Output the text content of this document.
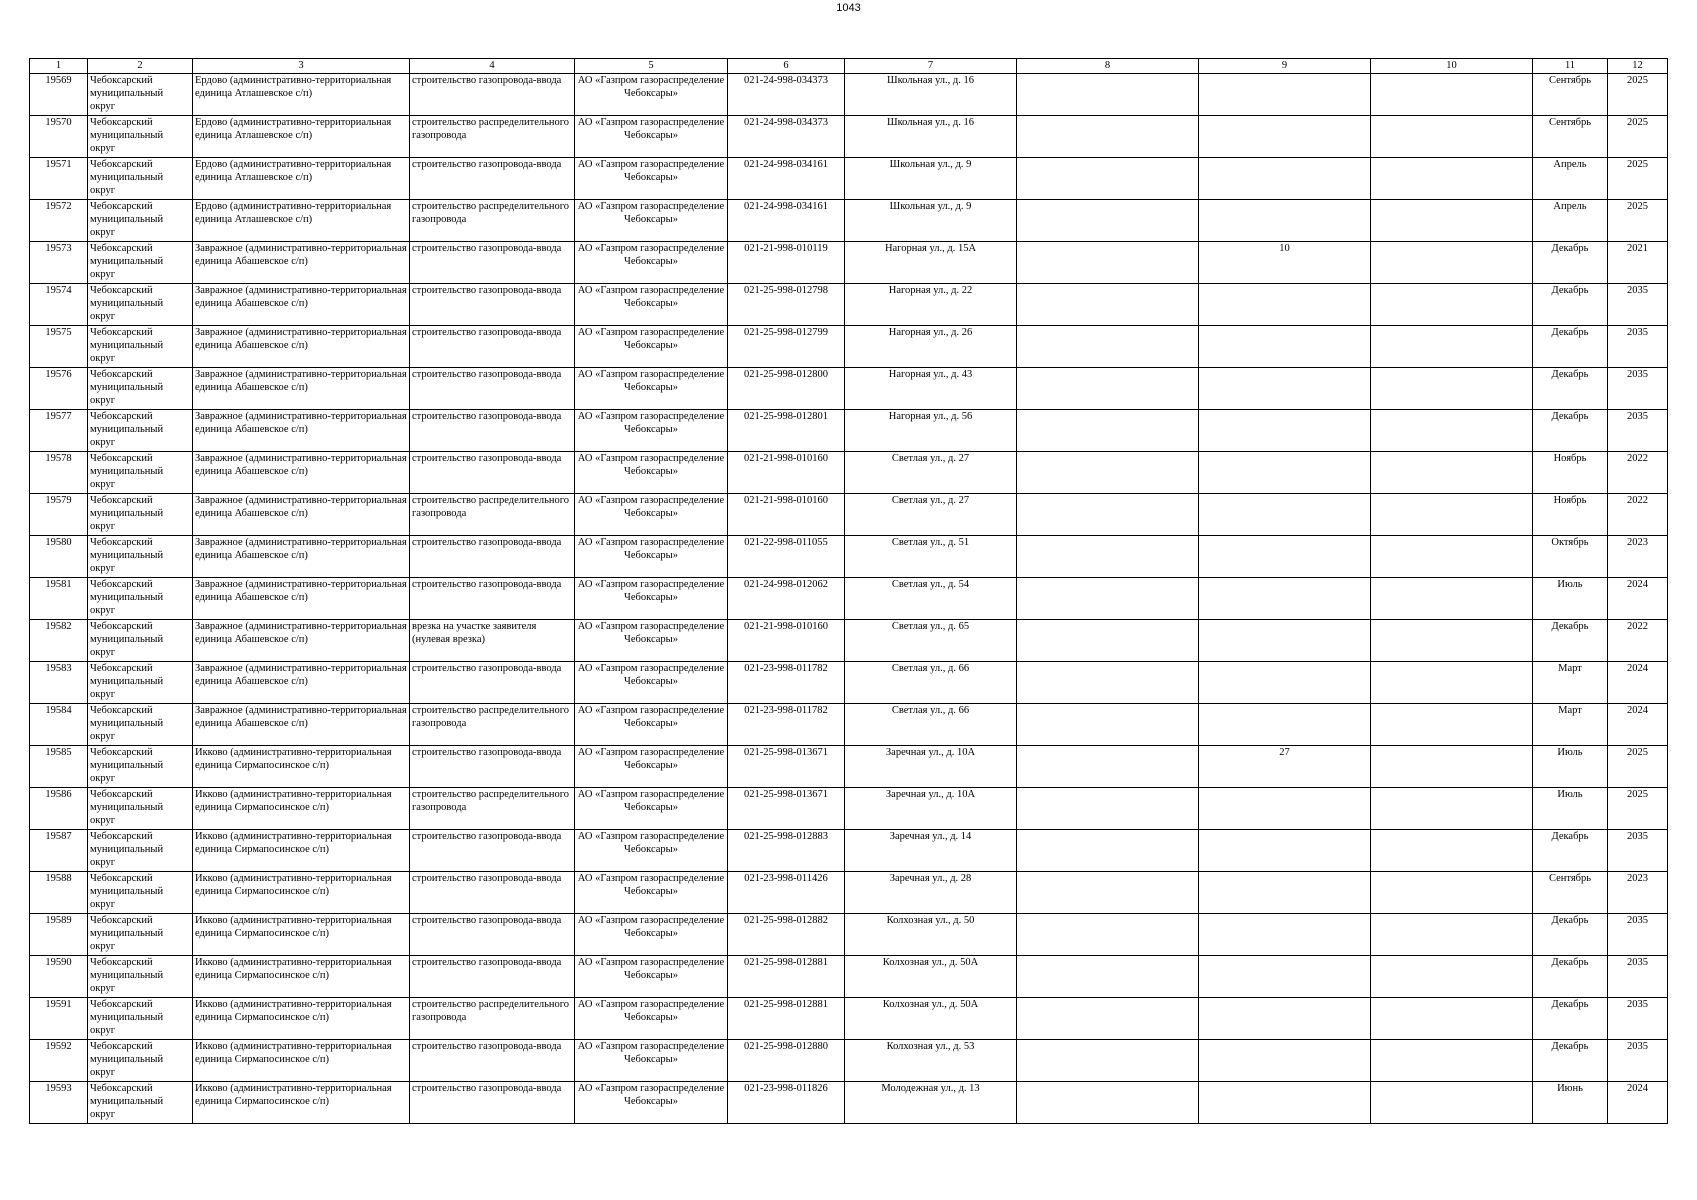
1043
1	2	3	4	5	6	7	8	9	10	11	12

19569	Чебоксарский муниципальный округ	Ердово (административно-территориальная единица Атлашевское с/п)	строительство газопровода-ввода	АО «Газпром газораспределение Чебоксары»	021-24-998-034373	Школьная ул., д. 16				Сентябрь	2025

19570	Чебоксарский муниципальный округ	Ердово (административно-территориальная единица Атлашевское с/п)	строительство распределительного газопровода	АО «Газпром газораспределение Чебоксары»	021-24-998-034373	Школьная ул., д. 16				Сентябрь	2025

19571	Чебоксарский муниципальный округ	Ердово (административно-территориальная единица Атлашевское с/п)	строительство газопровода-ввода	АО «Газпром газораспределение Чебоксары»	021-24-998-034161	Школьная ул., д. 9				Апрель	2025

19572	Чебоксарский муниципальный округ	Ердово (административно-территориальная единица Атлашевское с/п)	строительство распределительного газопровода	АО «Газпром газораспределение Чебоксары»	021-24-998-034161	Школьная ул., д. 9				Апрель	2025

19573	Чебоксарский муниципальный округ	Завражное (административно-территориальная единица Абашевское с/п)	строительство газопровода-ввода	АО «Газпром газораспределение Чебоксары»	021-21-998-010119	Нагорная ул., д. 15А		10		Декабрь	2021

19574	Чебоксарский муниципальный округ	Завражное (административно-территориальная единица Абашевское с/п)	строительство газопровода-ввода	АО «Газпром газораспределение Чебоксары»	021-25-998-012798	Нагорная ул., д. 22				Декабрь	2035

19575	Чебоксарский муниципальный округ	Завражное (административно-территориальная единица Абашевское с/п)	строительство газопровода-ввода	АО «Газпром газораспределение Чебоксары»	021-25-998-012799	Нагорная ул., д. 26				Декабрь	2035

19576	Чебоксарский муниципальный округ	Завражное (административно-территориальная единица Абашевское с/п)	строительство газопровода-ввода	АО «Газпром газораспределение Чебоксары»	021-25-998-012800	Нагорная ул., д. 43				Декабрь	2035

19577	Чебоксарский муниципальный округ	Завражное (административно-территориальная единица Абашевское с/п)	строительство газопровода-ввода	АО «Газпром газораспределение Чебоксары»	021-25-998-012801	Нагорная ул., д. 56				Декабрь	2035

19578	Чебоксарский муниципальный округ	Завражное (административно-территориальная единица Абашевское с/п)	строительство газопровода-ввода	АО «Газпром газораспределение Чебоксары»	021-21-998-010160	Светлая ул., д. 27				Ноябрь	2022

19579	Чебоксарский муниципальный округ	Завражное (административно-территориальная единица Абашевское с/п)	строительство распределительного газопровода	АО «Газпром газораспределение Чебоксары»	021-21-998-010160	Светлая ул., д. 27				Ноябрь	2022

19580	Чебоксарский муниципальный округ	Завражное (административно-территориальная единица Абашевское с/п)	строительство газопровода-ввода	АО «Газпром газораспределение Чебоксары»	021-22-998-011055	Светлая ул., д. 51				Октябрь	2023

19581	Чебоксарский муниципальный округ	Завражное (административно-территориальная единица Абашевское с/п)	строительство газопровода-ввода	АО «Газпром газораспределение Чебоксары»	021-24-998-012062	Светлая ул., д. 54				Июль	2024

19582	Чебоксарский муниципальный округ	Завражное (административно-территориальная единица Абашевское с/п)	врезка на участке заявителя (нулевая врезка)	АО «Газпром газораспределение Чебоксары»	021-21-998-010160	Светлая ул., д. 65				Декабрь	2022

19583	Чебоксарский муниципальный округ	Завражное (административно-территориальная единица Абашевское с/п)	строительство газопровода-ввода	АО «Газпром газораспределение Чебоксары»	021-23-998-011782	Светлая ул., д. 66				Март	2024

19584	Чебоксарский муниципальный округ	Завражное (административно-территориальная единица Абашевское с/п)	строительство распределительного газопровода	АО «Газпром газораспределение Чебоксары»	021-23-998-011782	Светлая ул., д. 66				Март	2024

19585	Чебоксарский муниципальный округ	Икково (административно-территориальная единица Сирмапосинское с/п)	строительство газопровода-ввода	АО «Газпром газораспределение Чебоксары»	021-25-998-013671	Заречная ул., д. 10А		27		Июль	2025

19586	Чебоксарский муниципальный округ	Икково (административно-территориальная единица Сирмапосинское с/п)	строительство распределительного газопровода	АО «Газпром газораспределение Чебоксары»	021-25-998-013671	Заречная ул., д. 10А				Июль	2025

19587	Чебоксарский муниципальный округ	Икково (административно-территориальная единица Сирмапосинское с/п)	строительство газопровода-ввода	АО «Газпром газораспределение Чебоксары»	021-25-998-012883	Заречная ул., д. 14				Декабрь	2035

19588	Чебоксарский муниципальный округ	Икково (административно-территориальная единица Сирмапосинское с/п)	строительство газопровода-ввода	АО «Газпром газораспределение Чебоксары»	021-23-998-011426	Заречная ул., д. 28				Сентябрь	2023

19589	Чебоксарский муниципальный округ	Икково (административно-территориальная единица Сирмапосинское с/п)	строительство газопровода-ввода	АО «Газпром газораспределение Чебоксары»	021-25-998-012882	Колхозная ул., д. 50				Декабрь	2035

19590	Чебоксарский муниципальный округ	Икково (административно-территориальная единица Сирмапосинское с/п)	строительство газопровода-ввода	АО «Газпром газораспределение Чебоксары»	021-25-998-012881	Колхозная ул., д. 50А				Декабрь	2035

19591	Чебоксарский муниципальный округ	Икково (административно-территориальная единица Сирмапосинское с/п)	строительство распределительного газопровода	АО «Газпром газораспределение Чебоксары»	021-25-998-012881	Колхозная ул., д. 50А				Декабрь	2035

19592	Чебоксарский муниципальный округ	Икково (административно-территориальная единица Сирмапосинское с/п)	строительство газопровода-ввода	АО «Газпром газораспределение Чебоксары»	021-25-998-012880	Колхозная ул., д. 53				Декабрь	2035

19593	Чебоксарский муниципальный округ	Икково (административно-территориальная единица Сирмапосинское с/п)	строительство газопровода-ввода	АО «Газпром газораспределение Чебоксары»	021-23-998-011826	Молодежная ул., д. 13				Июнь	2024
